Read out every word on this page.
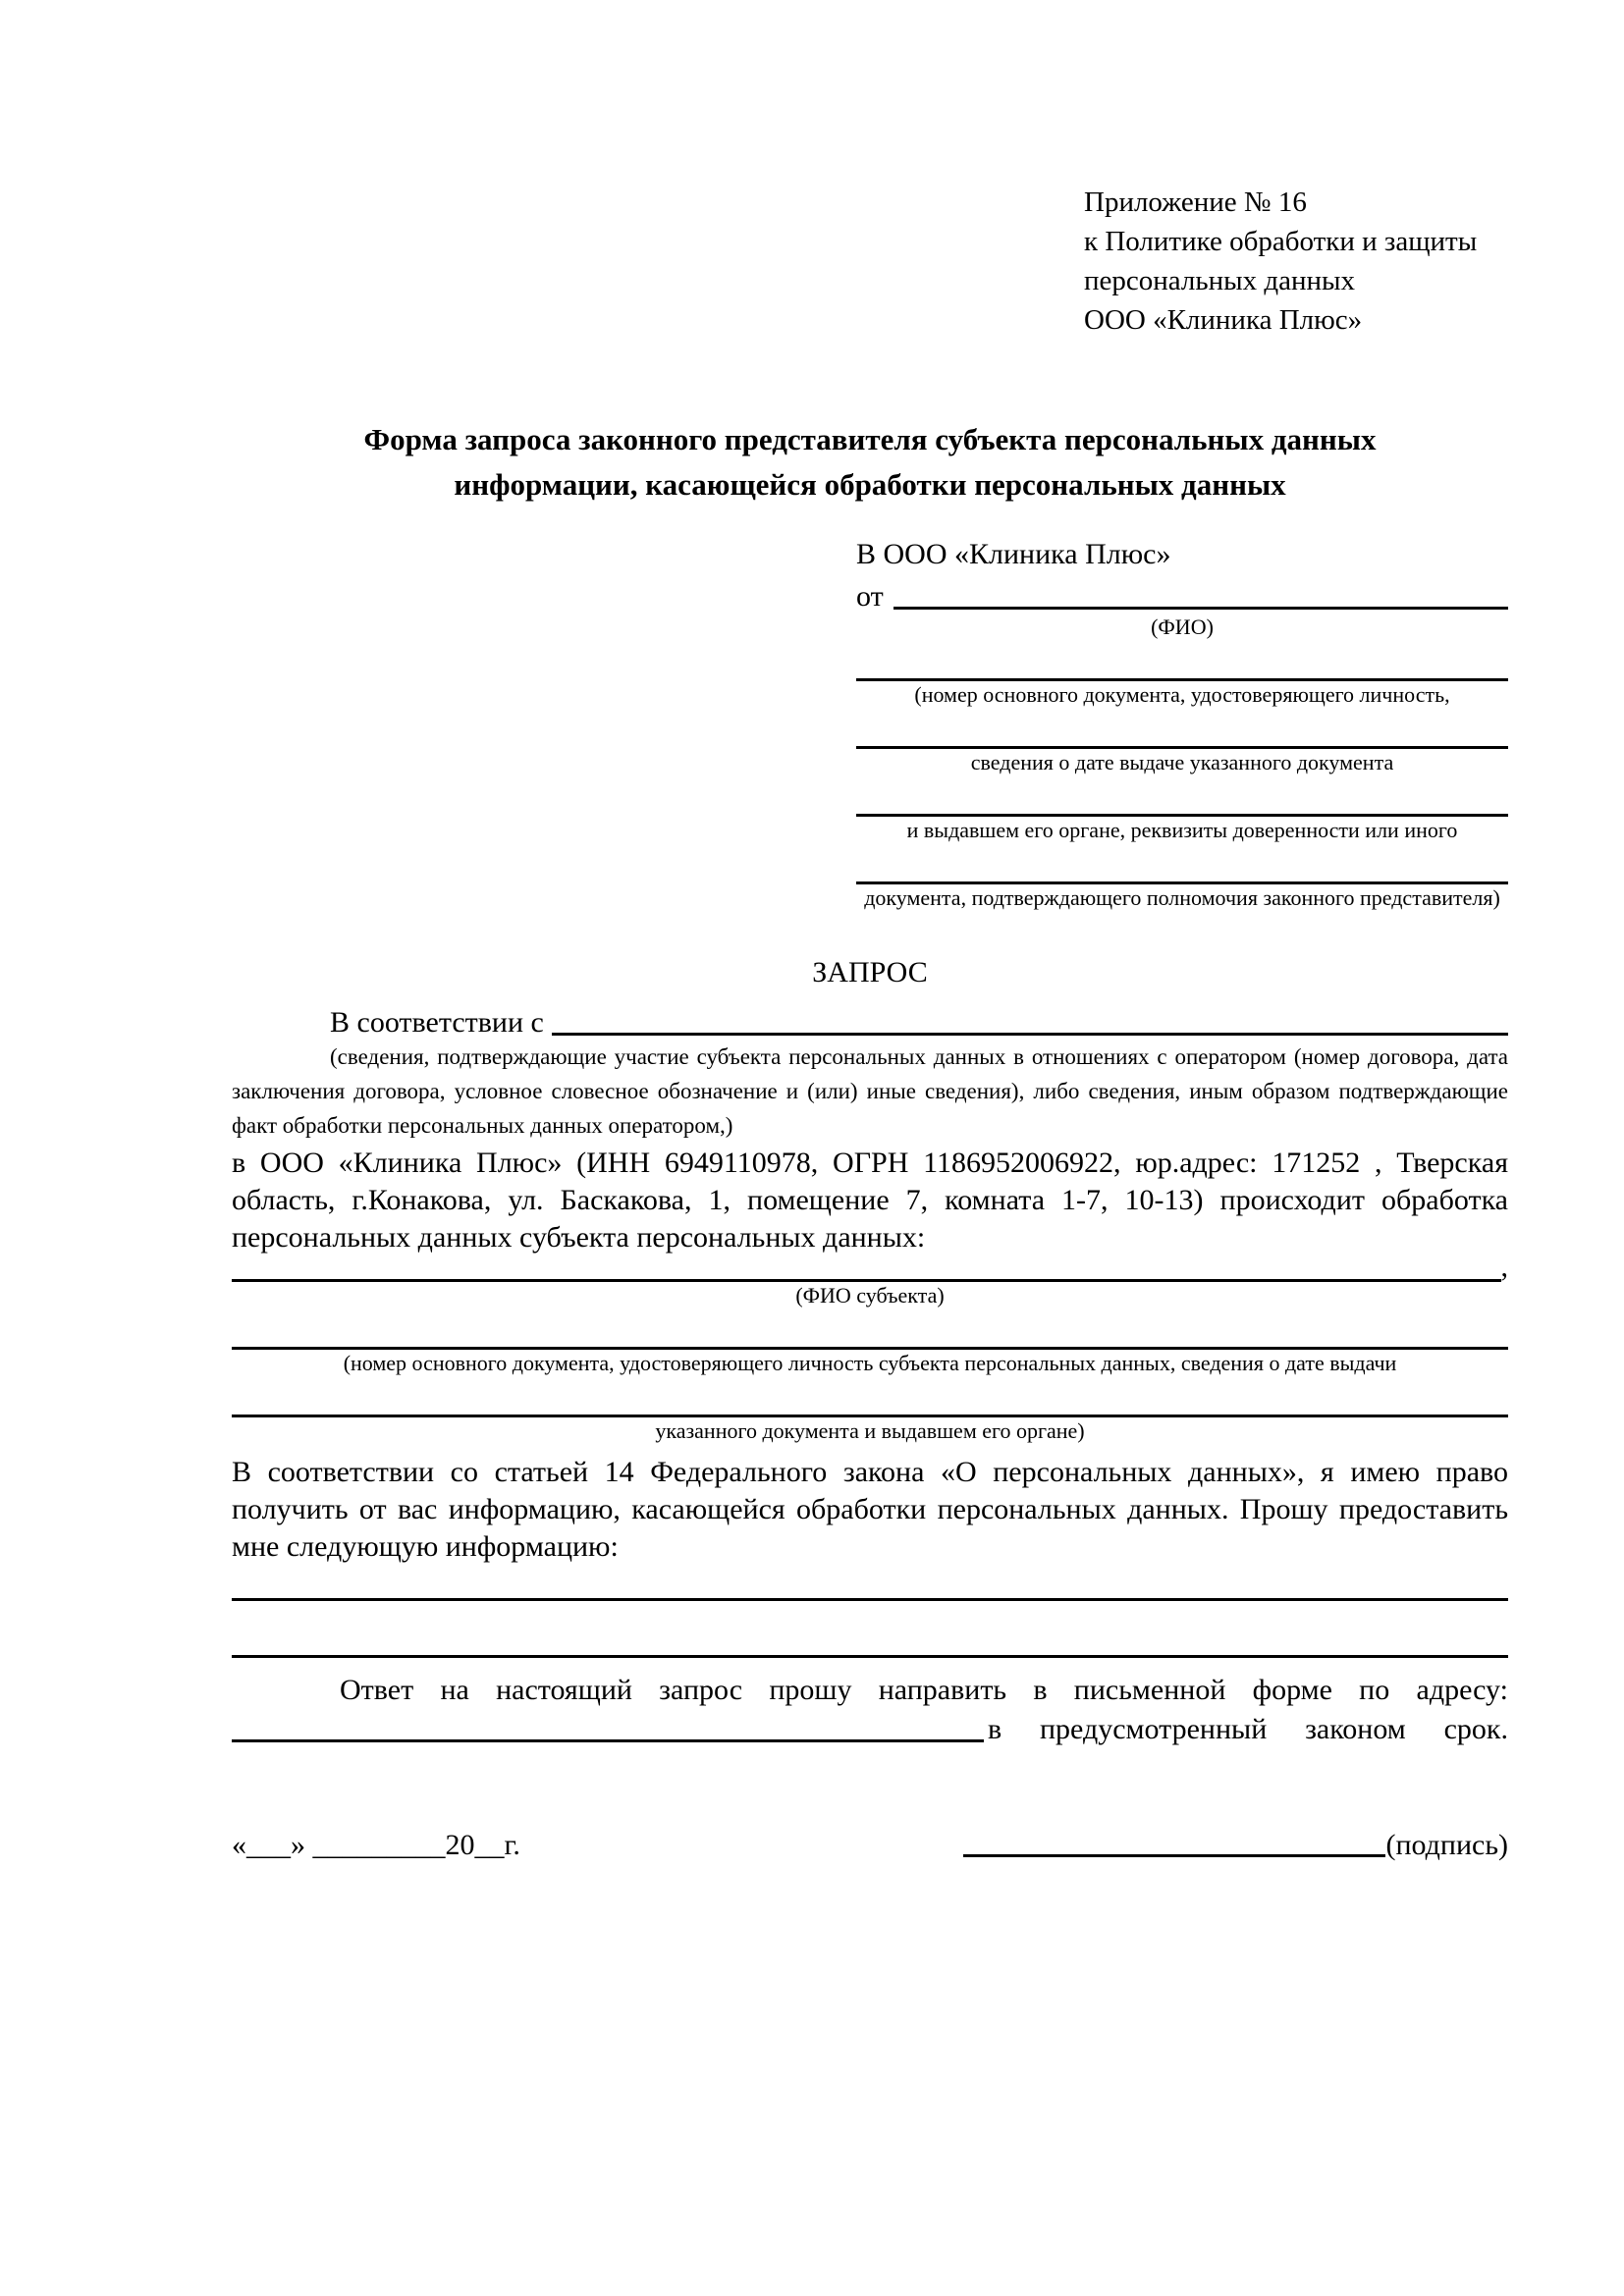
Приложение № 16
к Политике обработки и защиты
персональных данных
ООО «Клиника Плюс»
Форма запроса законного представителя субъекта персональных данных
информации, касающейся обработки персональных данных
В ООО «Клиника Плюс»
от
(ФИО)
(номер основного документа, удостоверяющего личность,
сведения о дате выдаче указанного документа
и выдавшем его органе, реквизиты доверенности или иного
документа, подтверждающего полномочия законного представителя)
ЗАПРОС
В соответствии с

(сведения, подтверждающие участие субъекта персональных данных в отношениях с оператором (номер договора, дата заключения договора, условное словесное обозначение и (или) иные сведения), либо сведения, иным образом подтверждающие факт обработки персональных данных оператором,)

в ООО «Клиника Плюс» (ИНН 6949110978, ОГРН 1186952006922, юр.адрес: 171252 , Тверская область, г.Конакова, ул. Баскакова, 1, помещение 7, комната 1-7, 10-13) происходит обработка персональных данных субъекта персональных данных:

,
(ФИО субъекта)
(номер основного документа, удостоверяющего личность субъекта персональных данных, сведения о дате выдачи
указанного документа и выдавшем его органе)

В соответствии со статьей 14 Федерального закона «О персональных данных», я имею право получить от вас информацию, касающейся обработки персональных данных. Прошу предоставить мне следующую информацию:

Ответ на настоящий запрос прошу направить в письменной форме по адресу:
в предусмотренный законом срок.
«___» _________20__г.	(подпись)
